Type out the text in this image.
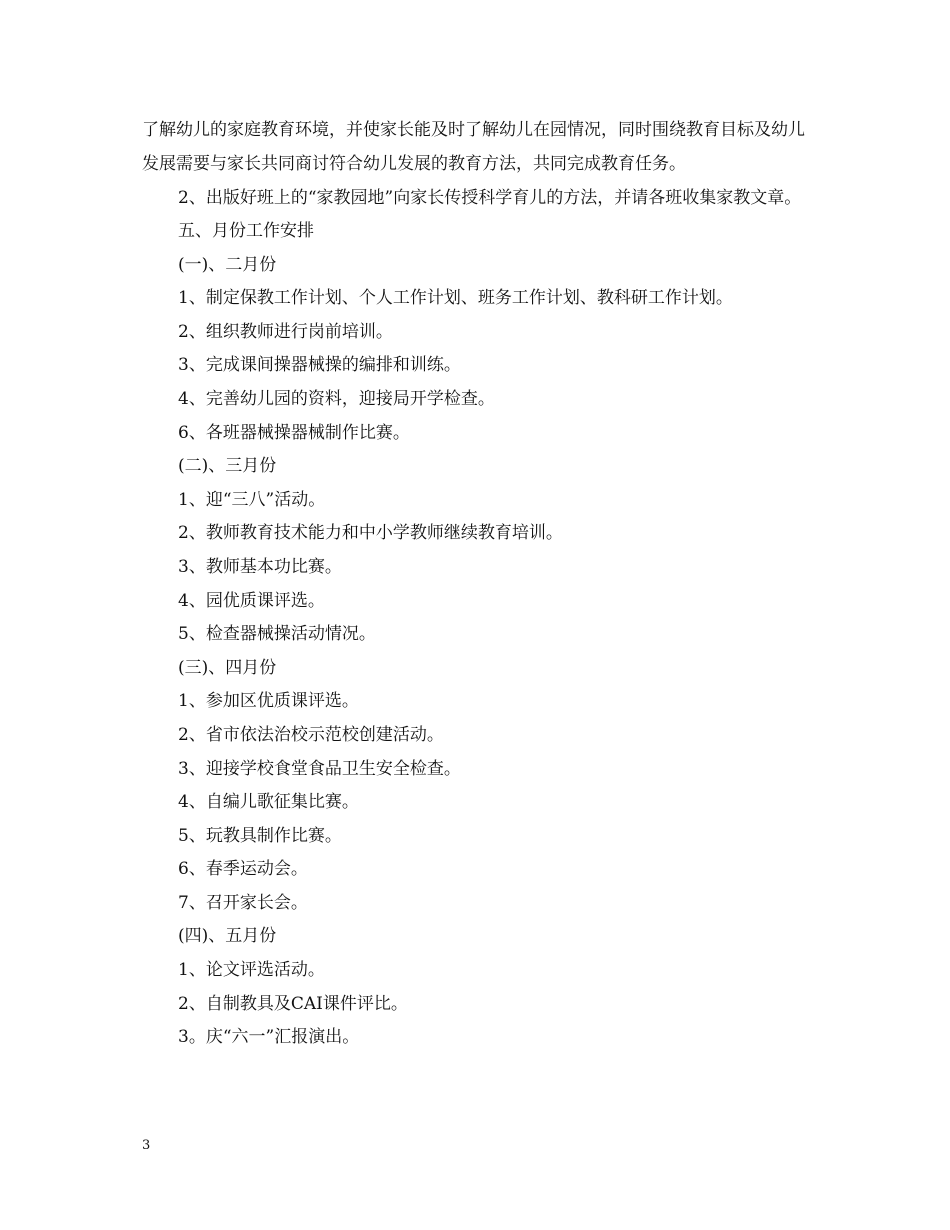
了解幼儿的家庭教育环境，并使家长能及时了解幼儿在园情况，同时围绕教育目标及幼儿发展需要与家长共同商讨符合幼儿发展的教育方法，共同完成教育任务。

2、出版好班上的“家教园地”向家长传授科学育儿的方法，并请各班收集家教文章。

五、月份工作安排

(一)、二月份

1、制定保教工作计划、个人工作计划、班务工作计划、教科研工作计划。

2、组织教师进行岗前培训。

3、完成课间操器械操的编排和训练。

4、完善幼儿园的资料，迎接局开学检查。

6、各班器械操器械制作比赛。

(二)、三月份

1、迎“三八”活动。

2、教师教育技术能力和中小学教师继续教育培训。

3、教师基本功比赛。

4、园优质课评选。

5、检查器械操活动情况。

(三)、四月份

1、参加区优质课评选。

2、省市依法治校示范校创建活动。

3、迎接学校食堂食品卫生安全检查。

4、自编儿歌征集比赛。

5、玩教具制作比赛。

6、春季运动会。

7、召开家长会。

(四)、五月份

1、论文评选活动。

2、自制教具及CAI课件评比。

3。庆“六一”汇报演出。

3
